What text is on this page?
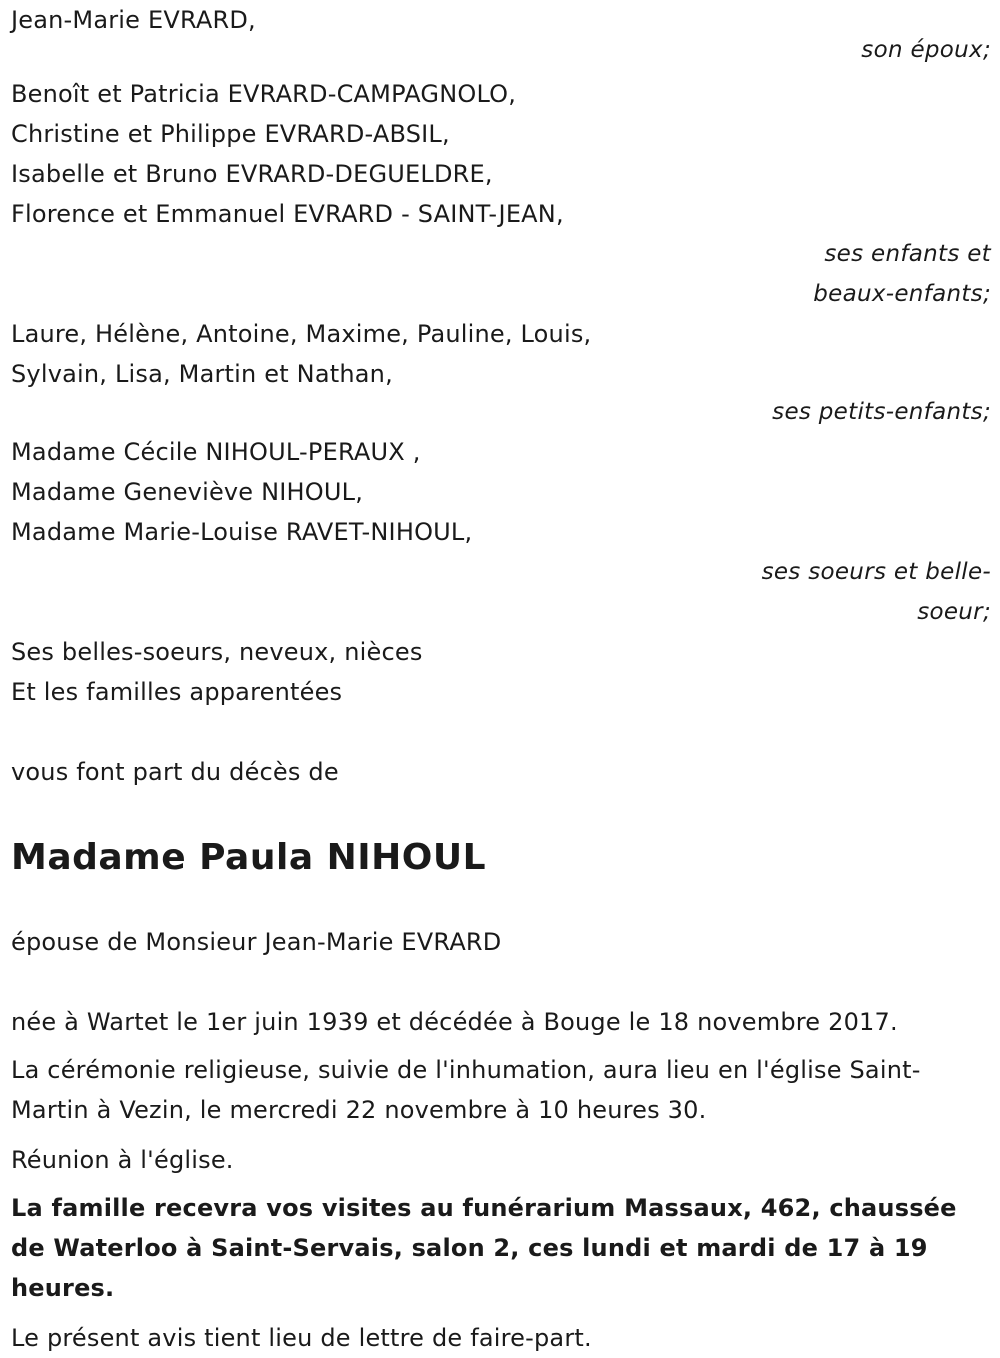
Jean-Marie EVRARD,
son époux;
Benoît et Patricia EVRARD-CAMPAGNOLO,
Christine et Philippe EVRARD-ABSIL,
Isabelle et Bruno EVRARD-DEGUELDRE,
Florence et Emmanuel EVRARD - SAINT-JEAN,
ses enfants et
beaux-enfants;
Laure, Hélène, Antoine, Maxime, Pauline, Louis,
Sylvain, Lisa, Martin et Nathan,
ses petits-enfants;
Madame Cécile NIHOUL-PERAUX ,
Madame Geneviève NIHOUL,
Madame Marie-Louise RAVET-NIHOUL,
ses soeurs et belle-
soeur;
Ses belles-soeurs, neveux, nièces
Et les familles apparentées
vous font part du décès de
Madame Paula NIHOUL
épouse de Monsieur Jean-Marie EVRARD
née à Wartet le 1er juin 1939 et décédée à Bouge le 18 novembre 2017.
La cérémonie religieuse, suivie de l'inhumation, aura lieu en l'église Saint-
Martin à Vezin, le mercredi 22 novembre à 10 heures 30.
Réunion à l'église.
La famille recevra vos visites au funérarium Massaux, 462, chaussée
de Waterloo à Saint-Servais, salon 2, ces lundi et mardi de 17 à 19
heures.
Le présent avis tient lieu de lettre de faire-part.
